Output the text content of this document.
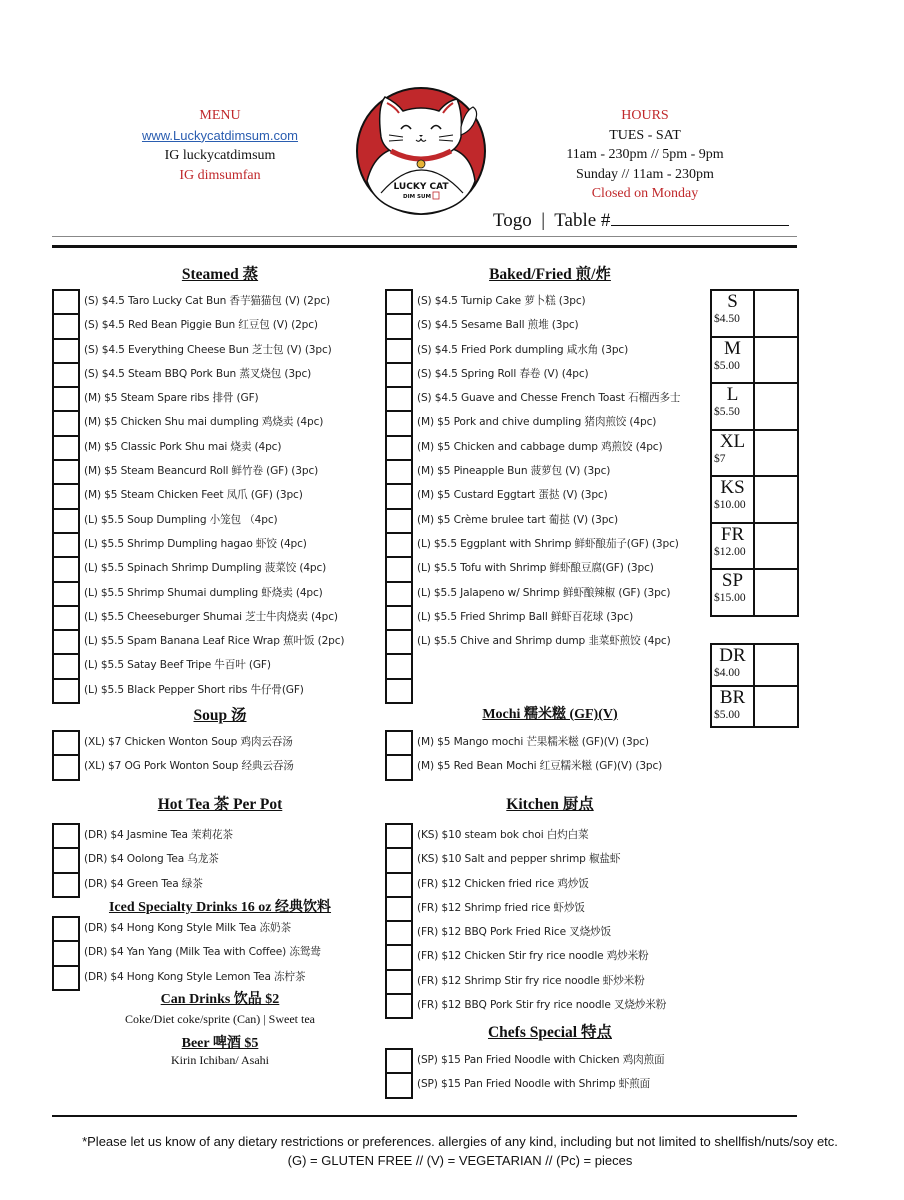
MENU
www.Luckycatdimsum.com
IG luckycatdimsum
IG dimsumfan
LUCKY CAT
DIM SUM
HOURS
TUES - SAT
11am - 230pm // 5pm - 9pm
Sunday // 11am - 230pm
Closed on Monday
Togo  |  Table #
Steamed 蒸
(S) $4.5 Taro Lucky Cat Bun 香芋猫猫包 (V) (2pc)
(S) $4.5 Red Bean Piggie Bun 红豆包 (V) (2pc)
(S) $4.5 Everything Cheese Bun 芝士包 (V) (3pc)
(S) $4.5 Steam BBQ Pork Bun 蒸叉烧包 (3pc)
(M) $5 Steam Spare ribs 排骨 (GF)
(M) $5 Chicken Shu mai dumpling 鸡烧卖 (4pc)
(M) $5 Classic Pork Shu mai 烧卖 (4pc)
(M) $5 Steam Beancurd Roll 鲜竹卷 (GF) (3pc)
(M) $5 Steam Chicken Feet 凤爪 (GF) (3pc)
(L) $5.5 Soup Dumpling 小笼包 （4pc)
(L) $5.5 Shrimp Dumpling hagao 虾饺 (4pc)
(L) $5.5 Spinach Shrimp Dumpling 菠菜饺 (4pc)
(L) $5.5 Shrimp Shumai dumpling 虾烧卖 (4pc)
(L) $5.5 Cheeseburger Shumai 芝士牛肉烧卖 (4pc)
(L) $5.5 Spam Banana Leaf Rice Wrap 蕉叶饭 (2pc)
(L) $5.5 Satay Beef Tripe 牛百叶 (GF)
(L) $5.5 Black Pepper Short ribs 牛仔骨(GF)
Baked/Fried 煎/炸
(S) $4.5 Turnip Cake 萝卜糕 (3pc)
(S) $4.5 Sesame Ball 煎堆 (3pc)
(S) $4.5 Fried Pork dumpling 咸水角 (3pc)
(S) $4.5 Spring Roll 春卷 (V) (4pc)
(S) $4.5 Guave and Chesse French Toast 石榴西多士
(M) $5 Pork and chive dumpling 猪肉煎饺 (4pc)
(M) $5 Chicken and cabbage dump 鸡煎饺 (4pc)
(M) $5 Pineapple Bun 菠萝包 (V) (3pc)
(M) $5 Custard Eggtart 蛋挞 (V) (3pc)
(M) $5 Crème brulee tart 葡挞 (V) (3pc)
(L) $5.5 Eggplant with Shrimp 鲜虾酿茄子(GF) (3pc)
(L) $5.5 Tofu with Shrimp 鲜虾酿豆腐(GF) (3pc)
(L) $5.5 Jalapeno w/ Shrimp 鲜虾酿辣椒 (GF) (3pc)
(L) $5.5 Fried Shrimp Ball 鲜虾百花球 (3pc)
(L) $5.5 Chive and Shrimp dump 韭菜虾煎饺 (4pc)
S
$4.50	

M
$5.00	

L
$5.50	

XL
$7	

KS
$10.00	

FR
$12.00	

SP
$15.00	

DR
$4.00	

BR
$5.00	

Soup 汤
(XL) $7 Chicken Wonton Soup 鸡肉云吞汤
(XL) $7 OG Pork Wonton Soup 经典云吞汤
Mochi 糯米糍 (GF)(V)
(M) $5 Mango mochi 芒果糯米糍 (GF)(V) (3pc)
(M) $5 Red Bean Mochi 红豆糯米糍 (GF)(V) (3pc)
Hot Tea 茶 Per Pot
(DR) $4 Jasmine Tea 茉莉花茶
(DR) $4 Oolong Tea 乌龙茶
(DR) $4 Green Tea 绿茶
Kitchen 厨点
(KS) $10 steam bok choi 白灼白菜
(KS) $10 Salt and pepper shrimp 椒盐虾
(FR) $12 Chicken fried rice 鸡炒饭
(FR) $12 Shrimp fried rice 虾炒饭
(FR) $12 BBQ Pork Fried Rice 叉烧炒饭
(FR) $12 Chicken Stir fry rice noodle 鸡炒米粉
(FR) $12 Shrimp Stir fry rice noodle 虾炒米粉
(FR) $12 BBQ Pork Stir fry rice noodle 叉烧炒米粉
Iced Specialty Drinks 16 oz 经典饮料
(DR) $4 Hong Kong Style Milk Tea 冻奶茶
(DR) $4 Yan Yang (Milk Tea with Coffee) 冻鸳鸯
(DR) $4 Hong Kong Style Lemon Tea 冻柠茶
Can Drinks 饮品 $2
Coke/Diet coke/sprite (Can) | Sweet tea
Beer 啤酒 $5
Kirin Ichiban/ Asahi
Chefs Special 特点
(SP) $15 Pan Fried Noodle with Chicken 鸡肉煎面
(SP) $15 Pan Fried Noodle with Shrimp 虾煎面
*Please let us know of any dietary restrictions or preferences. allergies of any kind, including but not limited to shellfish/nuts/soy etc.
(G) = GLUTEN FREE // (V) = VEGETARIAN // (Pc) = pieces
